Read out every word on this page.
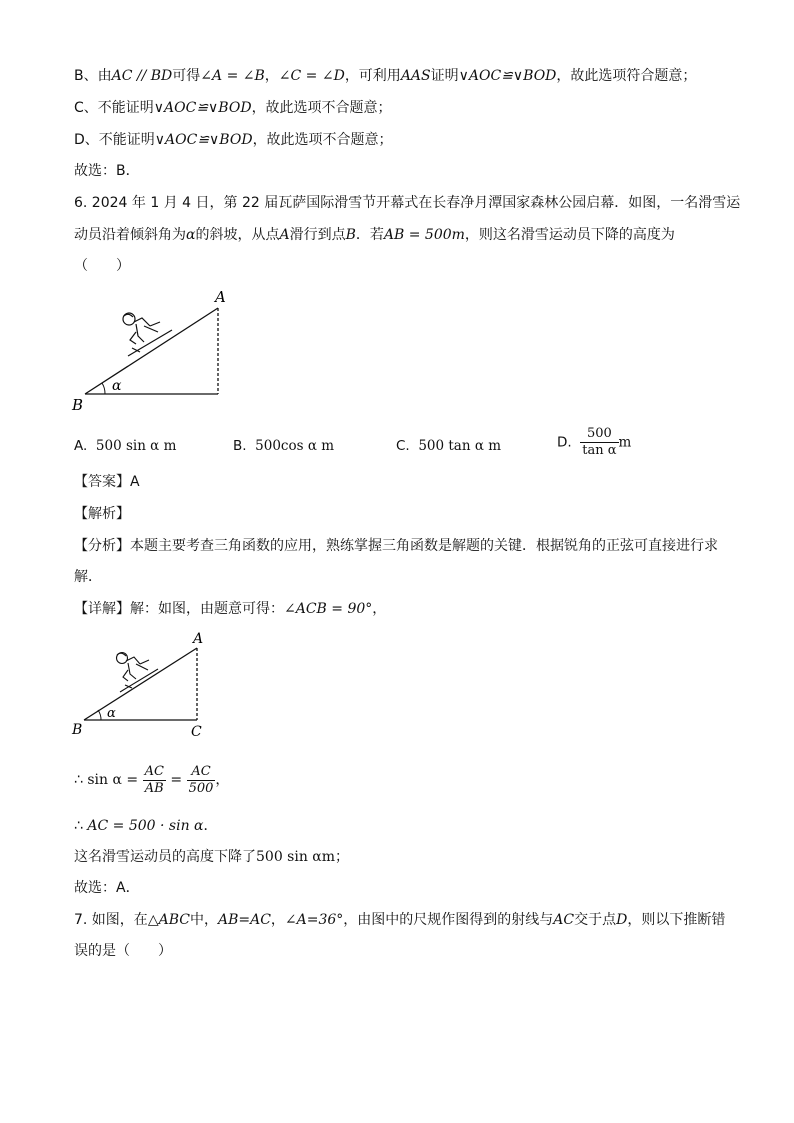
B、由AC // BD可得∠A = ∠B，∠C = ∠D，可利用AAS证明∨AOC≌∨BOD，故此选项符合题意；
C、不能证明∨AOC≌∨BOD，故此选项不合题意；
D、不能证明∨AOC≌∨BOD，故此选项不合题意；
故选：B．
6. 2024 年 1 月 4 日，第 22 届瓦萨国际滑雪节开幕式在长春净月潭国家森林公园启幕．如图，一名滑雪运
动员沿着倾斜角为α的斜坡，从点A滑行到点B．若AB = 500m，则这名滑雪运动员下降的高度为
（　　）
A
B
α
A. 500 sin α m	B. 500cos α m	C. 500 tan α m	D. $\frac{500}{\text{tan α}}$ m
【答案】A
【解析】
【分析】本题主要考查三角函数的应用，熟练掌握三角函数是解题的关键．根据锐角的正弦可直接进行求
解．
【详解】解：如图，由题意可得：∠ACB = 90°，
A
B	C
α
∴ $\sin \alpha = \frac{AC}{AB} = \frac{AC}{500}$ ，
∴ AC = 500 · sin α．
这名滑雪运动员的高度下降了500 sin αm；
故选：A．
7. 如图，在△ABC中，AB=AC，∠A=36°，由图中的尺规作图得到的射线与AC交于点D，则以下推断错
误的是（　　）
